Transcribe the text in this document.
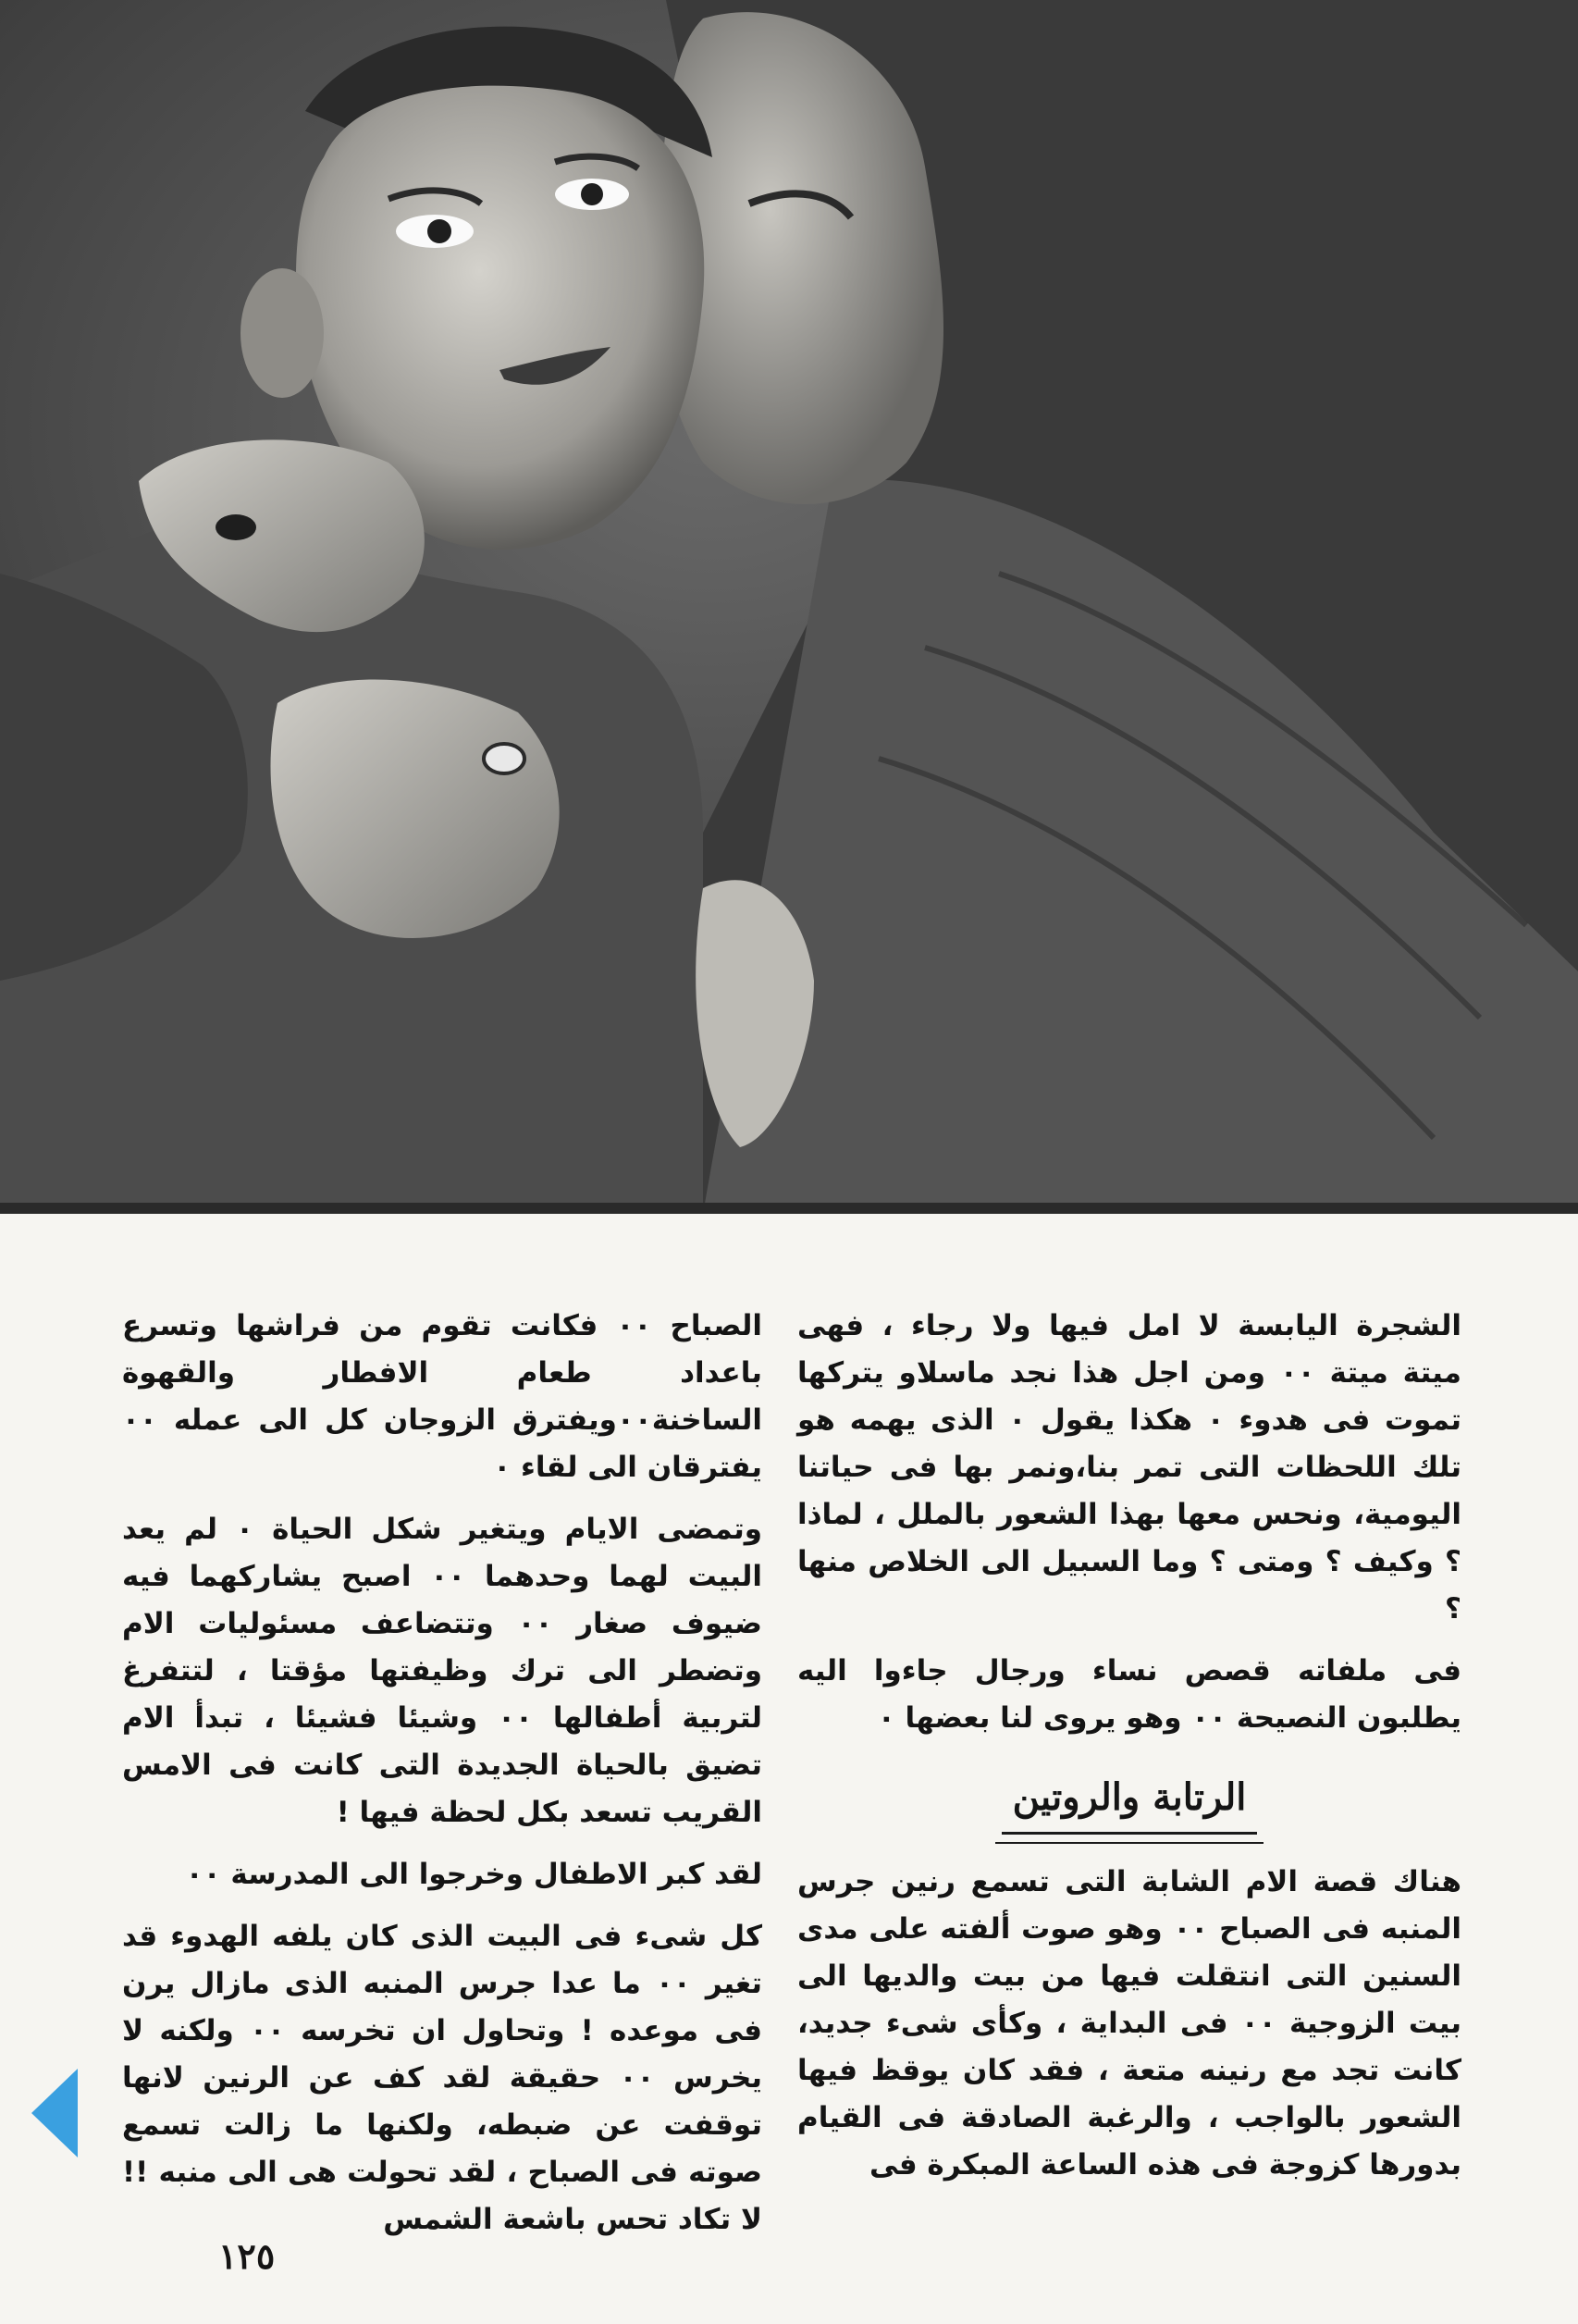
الشجرة اليابسة لا امل فيها ولا رجاء ، فهى ميتة ميتة ٠٠ ومن اجل هذا نجد ماسلاو يتركها تموت فى هدوء ٠ هكذا يقول ٠ الذى يهمه هو تلك اللحظات التى تمر بنا،ونمر بها فى حياتنا اليومية، ونحس معها بهذا الشعور بالملل ، لماذا ؟ وكيف ؟ ومتى ؟ وما السبيل الى الخلاص منها ؟

فى ملفاته قصص نساء ورجال جاءوا اليه يطلبون النصيحة ٠٠ وهو يروى لنا بعضها ٠

الرتابة والروتين

هناك قصة الام الشابة التى تسمع رنين جرس المنبه فى الصباح ٠٠ وهو صوت ألفته على مدى السنين التى انتقلت فيها من بيت والديها الى بيت الزوجية ٠٠ فى البداية ، وكأى شىء جديد، كانت تجد مع رنينه متعة ، فقد كان يوقظ فيها الشعور بالواجب ، والرغبة الصادقة فى القيام بدورها كزوجة فى هذه الساعة المبكرة فى

الصباح ٠٠ فكانت تقوم من فراشها وتسرع باعداد طعام الافطار والقهوة الساخنة٠٠ويفترق الزوجان كل الى عمله ٠٠ يفترقان الى لقاء ٠

وتمضى الايام ويتغير شكل الحياة ٠ لم يعد البيت لهما وحدهما ٠٠ اصبح يشاركهما فيه ضيوف صغار ٠٠ وتتضاعف مسئوليات الام وتضطر الى ترك وظيفتها مؤقتا ، لتتفرغ لتربية أطفالها ٠٠ وشيئا فشيئا ، تبدأ الام تضيق بالحياة الجديدة التى كانت فى الامس القريب تسعد بكل لحظة فيها !

لقد كبر الاطفال وخرجوا الى المدرسة ٠٠

كل شىء فى البيت الذى كان يلفه الهدوء قد تغير ٠٠ ما عدا جرس المنبه الذى مازال يرن فى موعده ! وتحاول ان تخرسه ٠٠ ولكنه لا يخرس ٠٠ حقيقة لقد كف عن الرنين لانها توقفت عن ضبطه، ولكنها ما زالت تسمع صوته فى الصباح ، لقد تحولت هى الى منبه !! لا تكاد تحس باشعة الشمس

١٢٥
